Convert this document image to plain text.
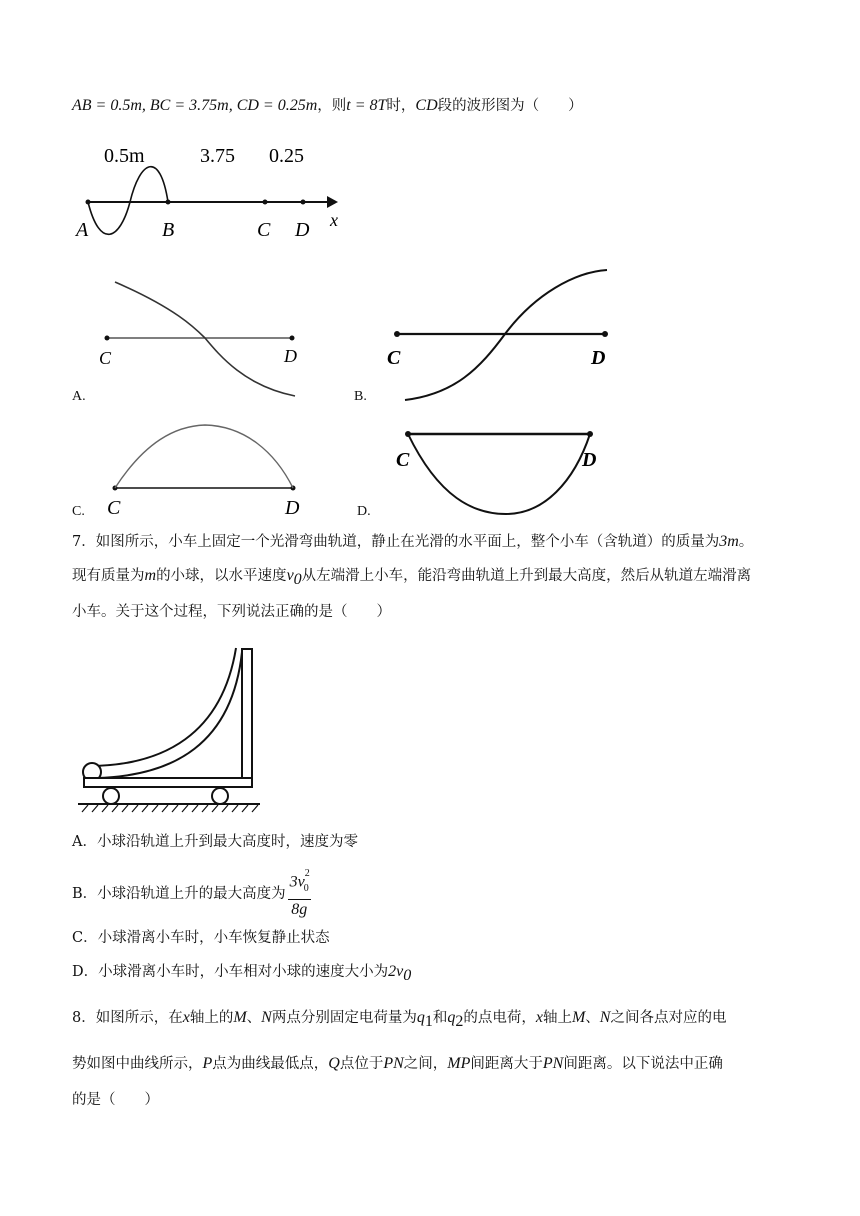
AB = 0.5m, BC = 3.75m, CD = 0.25m，则t = 8T时，CD段的波形图为（　　）
0.5m	3.75 0.25
A	B	C D x
C	D
A.
C	D
B.
C	D
C.
C	D
D.
7．如图所示，小车上固定一个光滑弯曲轨道，静止在光滑的水平面上，整个小车（含轨道）的质量为3m。
现有质量为m的小球，以水平速度$v_0$从左端滑上小车，能沿弯曲轨道上升到最大高度，然后从轨道左端滑离
小车。关于这个过程，下列说法正确的是（　　）
A．小球沿轨道上升到最大高度时，速度为零
B．小球沿轨道上升的最大高度为 $\frac{3v^2_0}{8g}$
C．小球滑离小车时，小车恢复静止状态
D．小球滑离小车时，小车相对小球的速度大小为$2v_0$
8．如图所示，在x轴上的M、N两点分别固定电荷量为$q_1$和$q_2$的点电荷，x轴上M、N之间各点对应的电
势如图中曲线所示，P点为曲线最低点，Q点位于PN之间，MP间距离大于PN间距离。以下说法中正确
的是（　　）
